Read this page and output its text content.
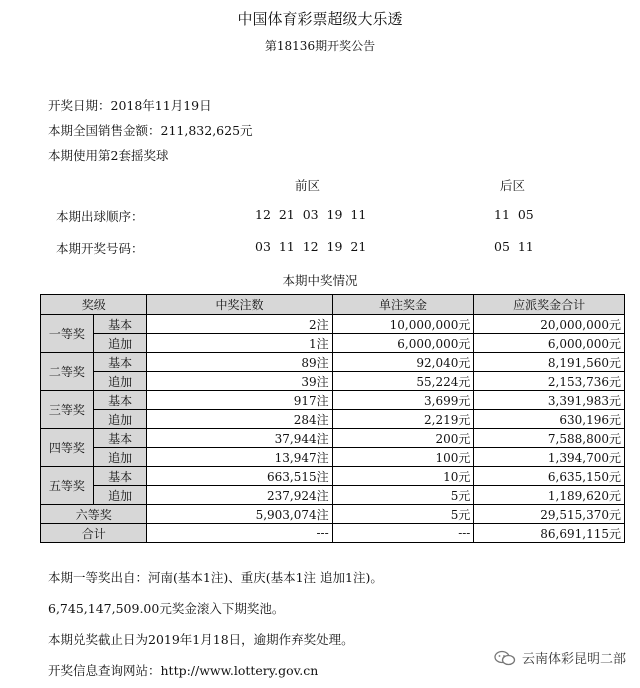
中国体育彩票超级大乐透
第18136期开奖公告
开奖日期：2018年11月19日
本期全国销售金额：211,832,625元
本期使用第2套摇奖球
前区	后区
本期出球顺序：	12  21  03  19  11	11  05
本期开奖号码：	03  11  12  19  21	05  11
本期中奖情况
奖级		中奖注数	单注奖金	应派奖金合计
一等奖	基本	2注	10,000,000元	20,000,000元
	追加	1注	6,000,000元	6,000,000元
二等奖	基本	89注	92,040元	8,191,560元
	追加	39注	55,224元	2,153,736元
三等奖	基本	917注	3,699元	3,391,983元
	追加	284注	2,219元	630,196元
四等奖	基本	37,944注	200元	7,588,800元
	追加	13,947注	100元	1,394,700元
五等奖	基本	663,515注	10元	6,635,150元
	追加	237,924注	5元	1,189,620元
六等奖		5,903,074注	5元	29,515,370元
合计		---	---	86,691,115元
本期一等奖出自：河南(基本1注)、重庆(基本1注 追加1注)。
6,745,147,509.00元奖金滚入下期奖池。
本期兑奖截止日为2019年1月18日，逾期作弃奖处理。
开奖信息查询网站：http://www.lottery.gov.cn
云南体彩昆明二部
